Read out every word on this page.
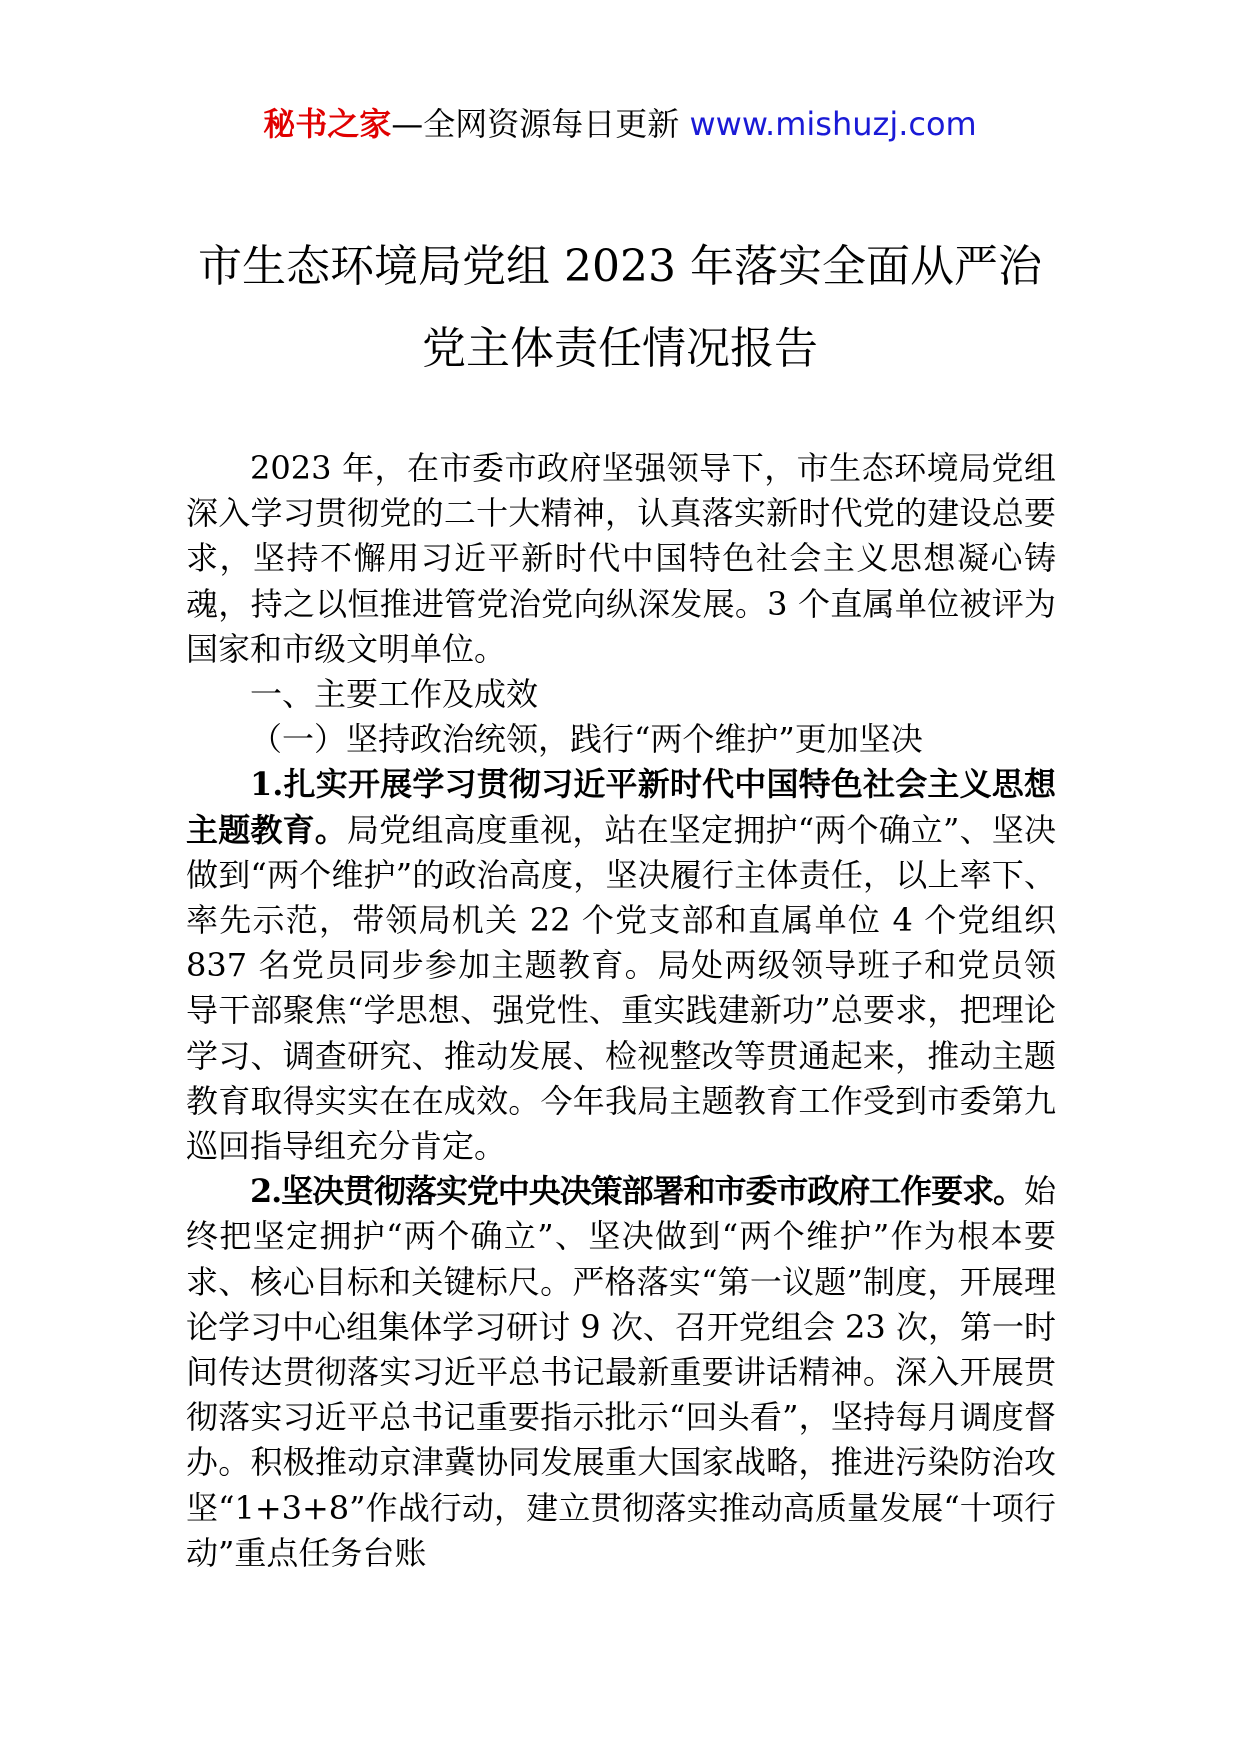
秘书之家—全网资源每日更新 www.mishuzj.com
市生态环境局党组 2023 年落实全面从严治
党主体责任情况报告

2023 年，在市委市政府坚强领导下，市生态环境局党组深入学习贯彻党的二十大精神，认真落实新时代党的建设总要求，坚持不懈用习近平新时代中国特色社会主义思想凝心铸魂，持之以恒推进管党治党向纵深发展。3 个直属单位被评为国家和市级文明单位。

一、主要工作及成效

（一）坚持政治统领，践行“两个维护”更加坚决

1.扎实开展学习贯彻习近平新时代中国特色社会主义思想主题教育。局党组高度重视，站在坚定拥护“两个确立”、坚决做到“两个维护”的政治高度，坚决履行主体责任，以上率下、率先示范，带领局机关 22 个党支部和直属单位 4 个党组织 837 名党员同步参加主题教育。局处两级领导班子和党员领导干部聚焦“学思想、强党性、重实践建新功”总要求，把理论学习、调查研究、推动发展、检视整改等贯通起来，推动主题教育取得实实在在成效。今年我局主题教育工作受到市委第九巡回指导组充分肯定。

2.坚决贯彻落实党中央决策部署和市委市政府工作要求。始终把坚定拥护“两个确立”、坚决做到“两个维护”作为根本要求、核心目标和关键标尺。严格落实“第一议题”制度，开展理论学习中心组集体学习研讨 9 次、召开党组会 23 次，第一时间传达贯彻落实习近平总书记最新重要讲话精神。深入开展贯彻落实习近平总书记重要指示批示“回头看”，坚持每月调度督办。积极推动京津冀协同发展重大国家战略，推进污染防治攻坚“1+3+8”作战行动，建立贯彻落实推动高质量发展“十项行动”重点任务台账
